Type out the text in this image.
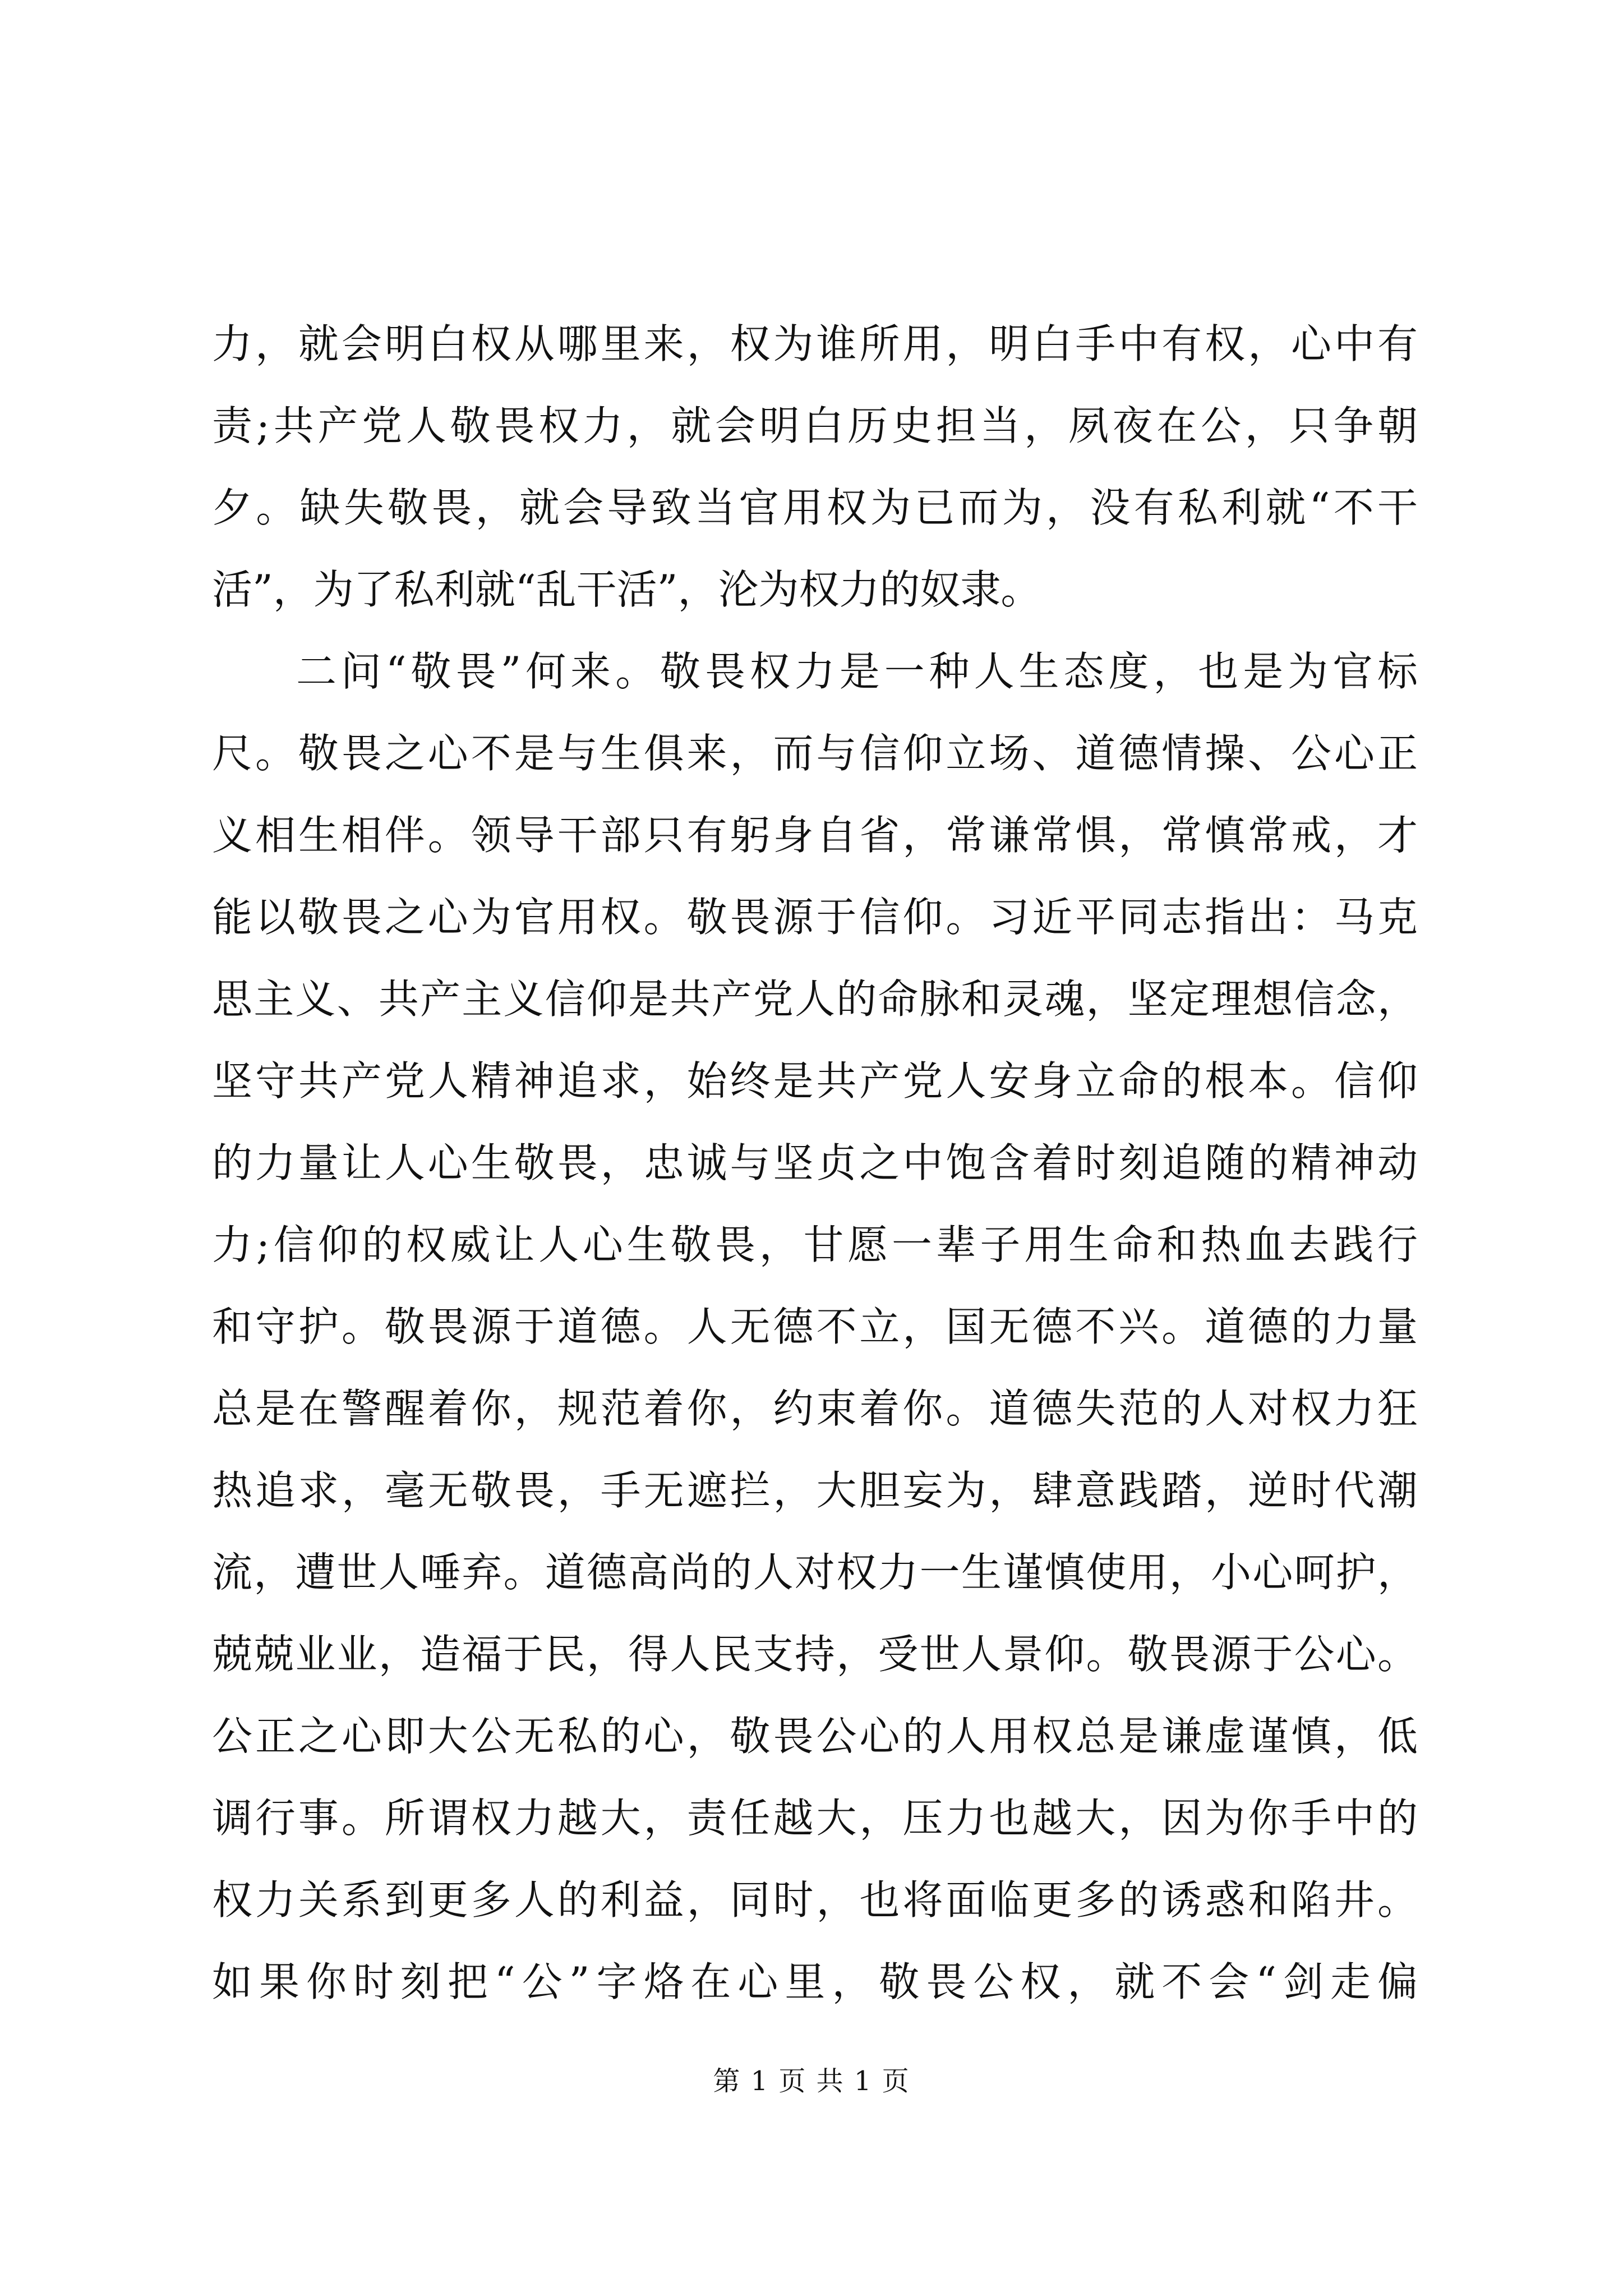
力，就会明白权从哪里来，权为谁所用，明白手中有权，心中有
责;共产党人敬畏权力，就会明白历史担当，夙夜在公，只争朝
夕。缺失敬畏，就会导致当官用权为已而为，没有私利就“不干
活”，为了私利就“乱干活”，沦为权力的奴隶。
二问“敬畏”何来。敬畏权力是一种人生态度，也是为官标
尺。敬畏之心不是与生俱来，而与信仰立场、道德情操、公心正
义相生相伴。领导干部只有躬身自省，常谦常惧，常慎常戒，才
能以敬畏之心为官用权。敬畏源于信仰。习近平同志指出：马克
思主义、共产主义信仰是共产党人的命脉和灵魂，坚定理想信念，
坚守共产党人精神追求，始终是共产党人安身立命的根本。信仰
的力量让人心生敬畏，忠诚与坚贞之中饱含着时刻追随的精神动
力;信仰的权威让人心生敬畏，甘愿一辈子用生命和热血去践行
和守护。敬畏源于道德。人无德不立，国无德不兴。道德的力量
总是在警醒着你，规范着你，约束着你。道德失范的人对权力狂
热追求，毫无敬畏，手无遮拦，大胆妄为，肆意践踏，逆时代潮
流，遭世人唾弃。道德高尚的人对权力一生谨慎使用，小心呵护，
兢兢业业，造福于民，得人民支持，受世人景仰。敬畏源于公心。
公正之心即大公无私的心，敬畏公心的人用权总是谦虚谨慎，低
调行事。所谓权力越大，责任越大，压力也越大，因为你手中的
权力关系到更多人的利益，同时，也将面临更多的诱惑和陷井。
如果你时刻把“公”字烙在心里，敬畏公权，就不会“剑走偏
第 1 页 共 1 页
